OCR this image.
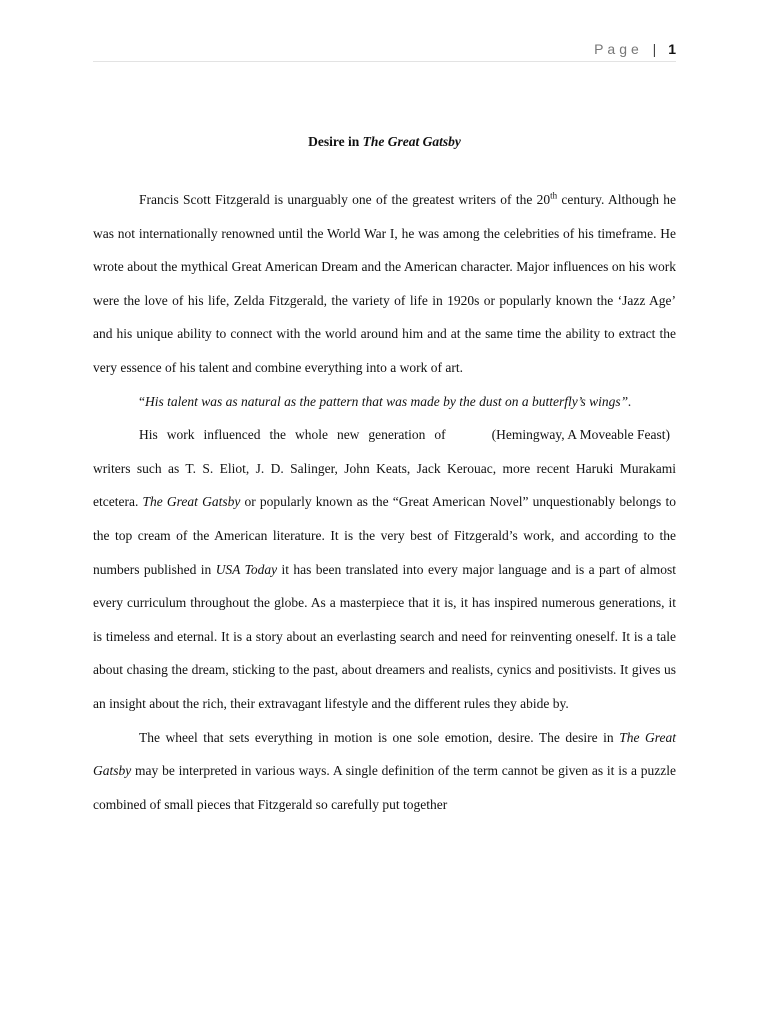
Page | 1
Desire in The Great Gatsby

Francis Scott Fitzgerald is unarguably one of the greatest writers of the 20th century. Although he was not internationally renowned until the World War I, he was among the celebrities of his timeframe. He wrote about the mythical Great American Dream and the American character. Major influences on his work were the love of his life, Zelda Fitzgerald, the variety of life in 1920s or popularly known the ‘Jazz Age’ and his unique ability to connect with the world around him and at the same time the ability to extract the very essence of his talent and combine everything into a work of art.

“His talent was as natural as the pattern that was made by the dust on a butterfly’s wings”.
(Hemingway, A Moveable Feast)

His work influenced the whole new generation of writers such as T. S. Eliot, J. D. Salinger, John Keats, Jack Kerouac, more recent Haruki Murakami etcetera. The Great Gatsby or popularly known as the “Great American Novel” unquestionably belongs to the top cream of the American literature. It is the very best of Fitzgerald’s work, and according to the numbers published in USA Today it has been translated into every major language and is a part of almost every curriculum throughout the globe. As a masterpiece that it is, it has inspired numerous generations, it is timeless and eternal. It is a story about an everlasting search and need for reinventing oneself. It is a tale about chasing the dream, sticking to the past, about dreamers and realists, cynics and positivists. It gives us an insight about the rich, their extravagant lifestyle and the different rules they abide by.

The wheel that sets everything in motion is one sole emotion, desire. The desire in The Great Gatsby may be interpreted in various ways. A single definition of the term cannot be given as it is a puzzle combined of small pieces that Fitzgerald so carefully put together
